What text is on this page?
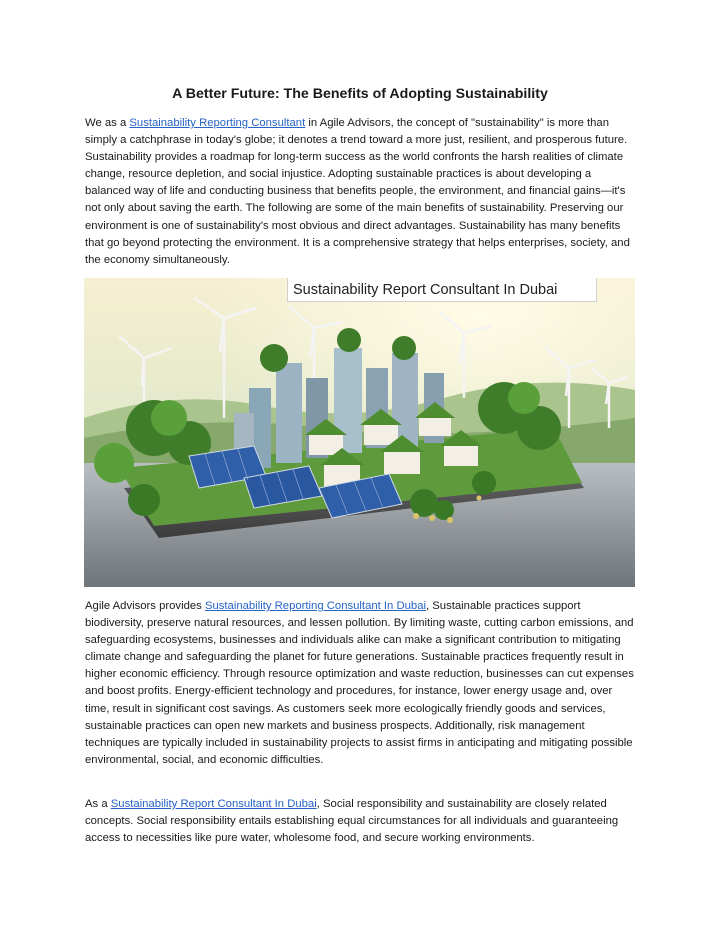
A Better Future: The Benefits of Adopting Sustainability

We as a Sustainability Reporting Consultant in Agile Advisors, the concept of "sustainability" is more than simply a catchphrase in today's globe; it denotes a trend toward a more just, resilient, and prosperous future. Sustainability provides a roadmap for long-term success as the world confronts the harsh realities of climate change, resource depletion, and social injustice. Adopting sustainable practices is about developing a balanced way of life and conducting business that benefits people, the environment, and financial gains—it's not only about saving the earth. The following are some of the main benefits of sustainability. Preserving our environment is one of sustainability's most obvious and direct advantages. Sustainability has many benefits that go beyond protecting the environment. It is a comprehensive strategy that helps enterprises, society, and the economy simultaneously.

Sustainability Report Consultant In Dubai

Agile Advisors provides Sustainability Reporting Consultant In Dubai, Sustainable practices support biodiversity, preserve natural resources, and lessen pollution. By limiting waste, cutting carbon emissions, and safeguarding ecosystems, businesses and individuals alike can make a significant contribution to mitigating climate change and safeguarding the planet for future generations. Sustainable practices frequently result in higher economic efficiency. Through resource optimization and waste reduction, businesses can cut expenses and boost profits. Energy-efficient technology and procedures, for instance, lower energy usage and, over time, result in significant cost savings. As customers seek more ecologically friendly goods and services, sustainable practices can open new markets and business prospects. Additionally, risk management techniques are typically included in sustainability projects to assist firms in anticipating and mitigating possible environmental, social, and economic difficulties.

As a Sustainability Report Consultant In Dubai, Social responsibility and sustainability are closely related concepts. Social responsibility entails establishing equal circumstances for all individuals and guaranteeing access to necessities like pure water, wholesome food, and secure working environments.
